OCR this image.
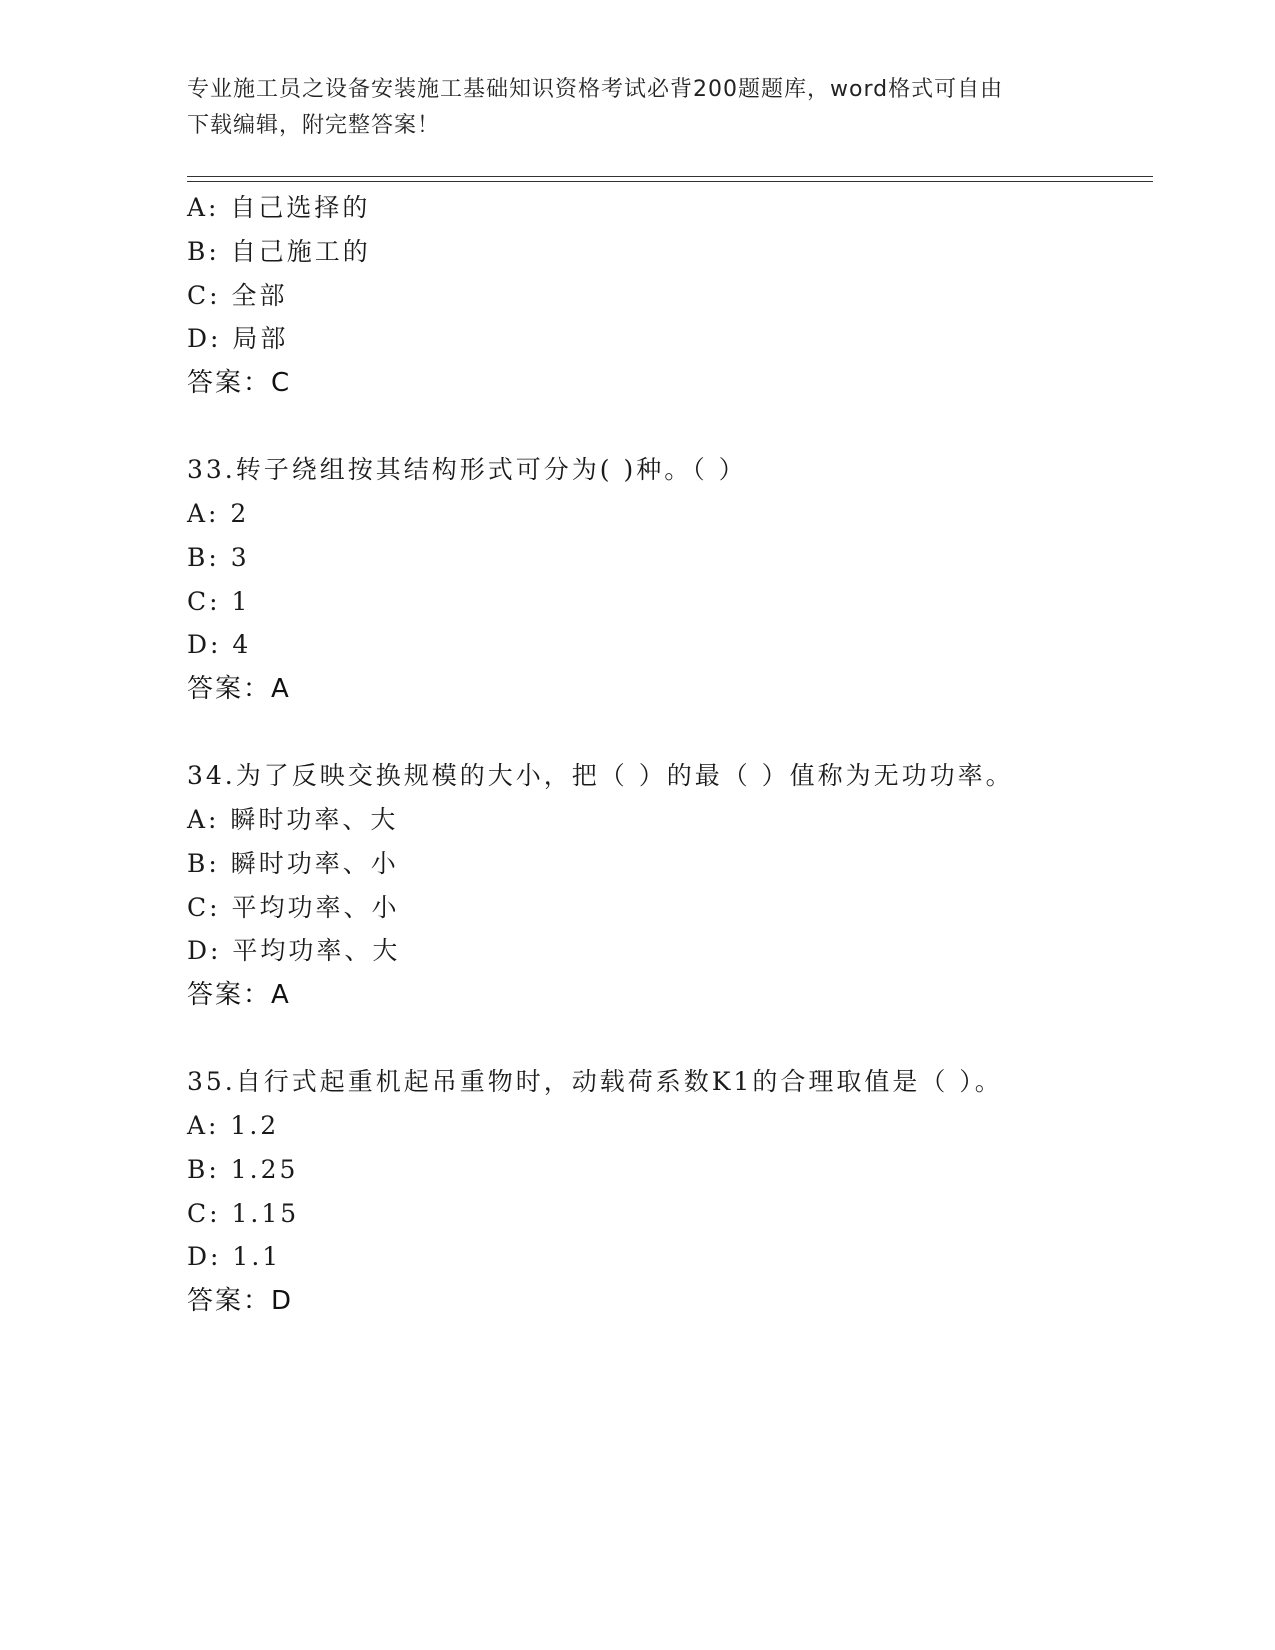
专业施工员之设备安装施工基础知识资格考试必背200题题库，word格式可自由
下载编辑，附完整答案！
A: 自己选择的
B: 自己施工的
C: 全部
D: 局部
答案：C
33.转子绕组按其结构形式可分为( )种。（ ）
A: 2
B: 3
C: 1
D: 4
答案：A
34.为了反映交换规模的大小，把（ ）的最（ ）值称为无功功率。
A: 瞬时功率、大
B: 瞬时功率、小
C: 平均功率、小
D: 平均功率、大
答案：A
35.自行式起重机起吊重物时，动载荷系数K1的合理取值是（ ）。
A: 1.2
B: 1.25
C: 1.15
D: 1.1
答案：D
